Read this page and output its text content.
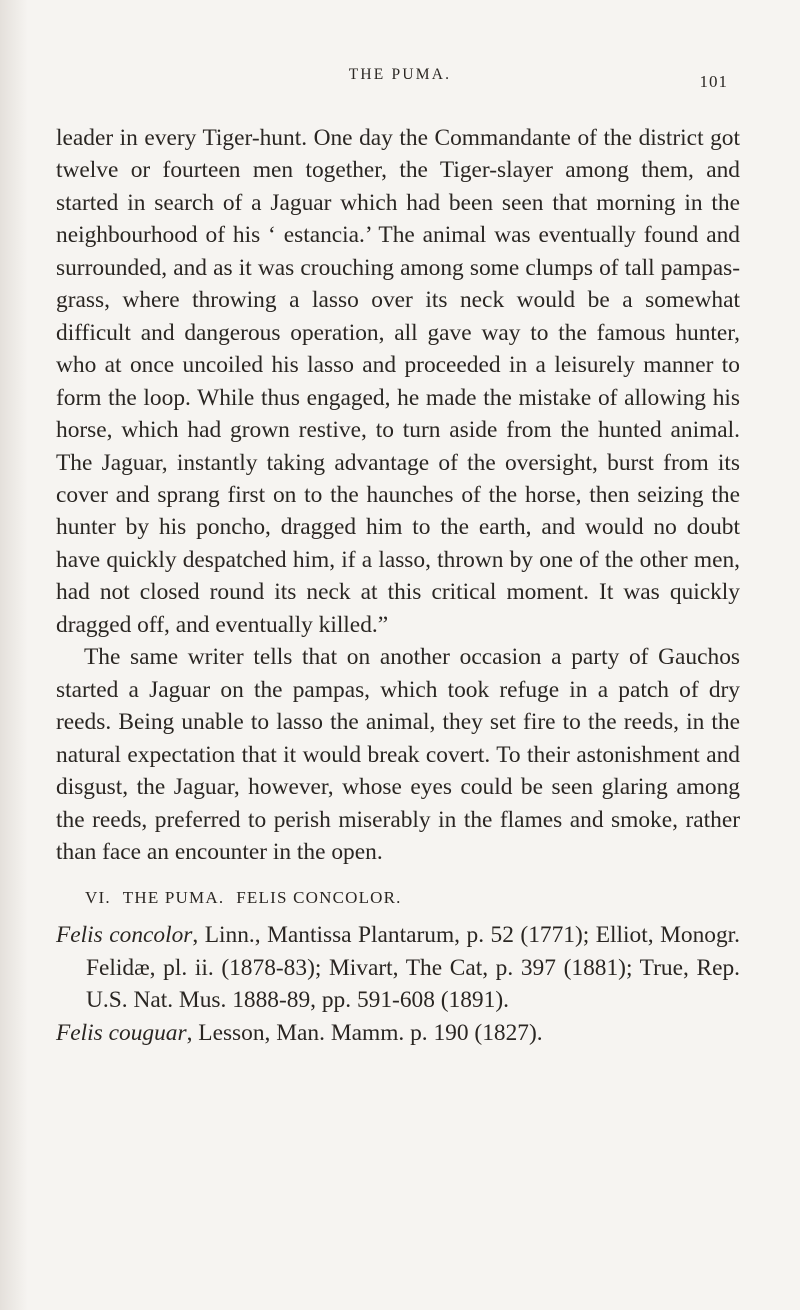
THE PUMA.	101

leader in every Tiger-hunt. One day the Commandante of the district got twelve or fourteen men together, the Tiger-slayer among them, and started in search of a Jaguar which had been seen that morning in the neighbourhood of his ‘ estancia.’ The animal was eventually found and surrounded, and as it was crouching among some clumps of tall pampas-grass, where throwing a lasso over its neck would be a somewhat difficult and dangerous operation, all gave way to the famous hunter, who at once uncoiled his lasso and proceeded in a leisurely manner to form the loop. While thus engaged, he made the mistake of allowing his horse, which had grown restive, to turn aside from the hunted animal. The Jaguar, instantly taking advantage of the oversight, burst from its cover and sprang first on to the haunches of the horse, then seizing the hunter by his poncho, dragged him to the earth, and would no doubt have quickly despatched him, if a lasso, thrown by one of the other men, had not closed round its neck at this critical moment. It was quickly dragged off, and eventually killed.”

The same writer tells that on another occasion a party of Gauchos started a Jaguar on the pampas, which took refuge in a patch of dry reeds. Being unable to lasso the animal, they set fire to the reeds, in the natural expectation that it would break covert. To their astonishment and disgust, the Jaguar, however, whose eyes could be seen glaring among the reeds, preferred to perish miserably in the flames and smoke, rather than face an encounter in the open.

VI. THE PUMA. FELIS CONCOLOR.

Felis concolor, Linn., Mantissa Plantarum, p. 52 (1771); Elliot, Monogr. Felidæ, pl. ii. (1878-83); Mivart, The Cat, p. 397 (1881); True, Rep. U.S. Nat. Mus. 1888-89, pp. 591-608 (1891).

Felis couguar, Lesson, Man. Mamm. p. 190 (1827).
